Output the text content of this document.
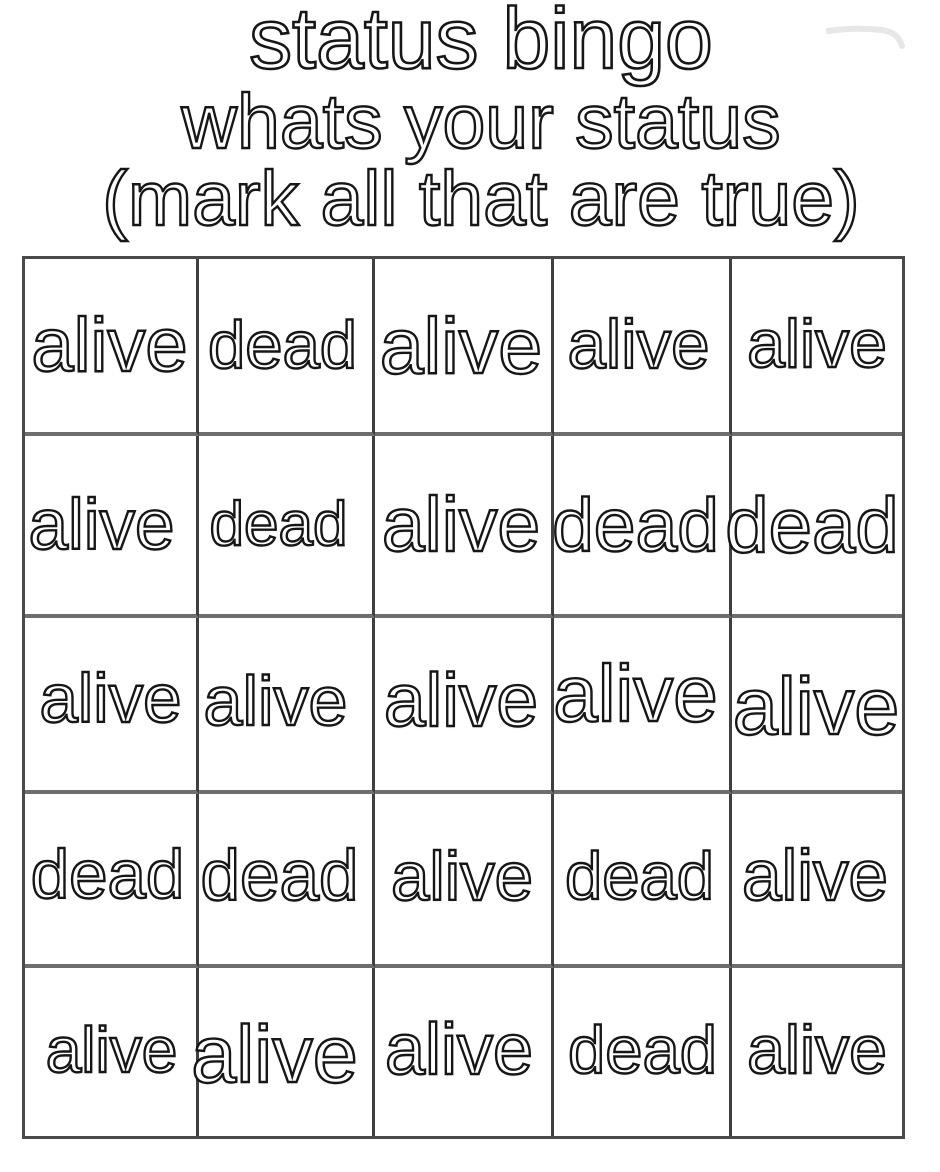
status bingo
whats your status
(mark all that are true)
alive dead alive alive alive
alive dead alive dead dead
alive alive alive alive alive
dead dead alive dead alive
alive alive alive dead alive
